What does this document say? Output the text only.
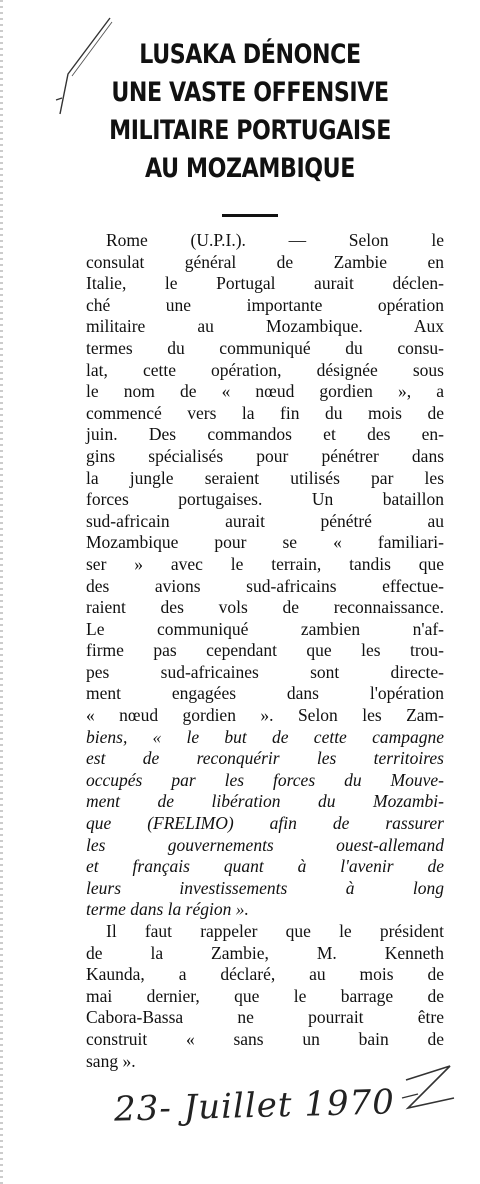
LUSAKA DÉNONCE
UNE VASTE OFFENSIVE
MILITAIRE PORTUGAISE
AU MOZAMBIQUE
Rome (U.P.I.). — Selon le
consulat général de Zambie en
Italie, le Portugal aurait déclen-
ché une importante opération
militaire au Mozambique. Aux
termes du communiqué du consu-
lat, cette opération, désignée sous
le nom de « nœud gordien », a
commencé vers la fin du mois de
juin. Des commandos et des en-
gins spécialisés pour pénétrer dans
la jungle seraient utilisés par les
forces portugaises. Un bataillon
sud-africain aurait pénétré au
Mozambique pour se « familiari-
ser » avec le terrain, tandis que
des avions sud-africains effectue-
raient des vols de reconnaissance.
Le communiqué zambien n'af-
firme pas cependant que les trou-
pes sud-africaines sont directe-
ment engagées dans l'opération
« nœud gordien ». Selon les Zam-
biens, « le but de cette campagne
est de reconquérir les territoires
occupés par les forces du Mouve-
ment de libération du Mozambi-
que (FRELIMO) afin de rassurer
les gouvernements ouest-allemand
et français quant à l'avenir de
leurs investissements à long
terme dans la région ».
Il faut rappeler que le président
de la Zambie, M. Kenneth
Kaunda, a déclaré, au mois de
mai dernier, que le barrage de
Cabora-Bassa ne pourrait être
construit « sans un bain de
sang ».
23- Juillet 1970
